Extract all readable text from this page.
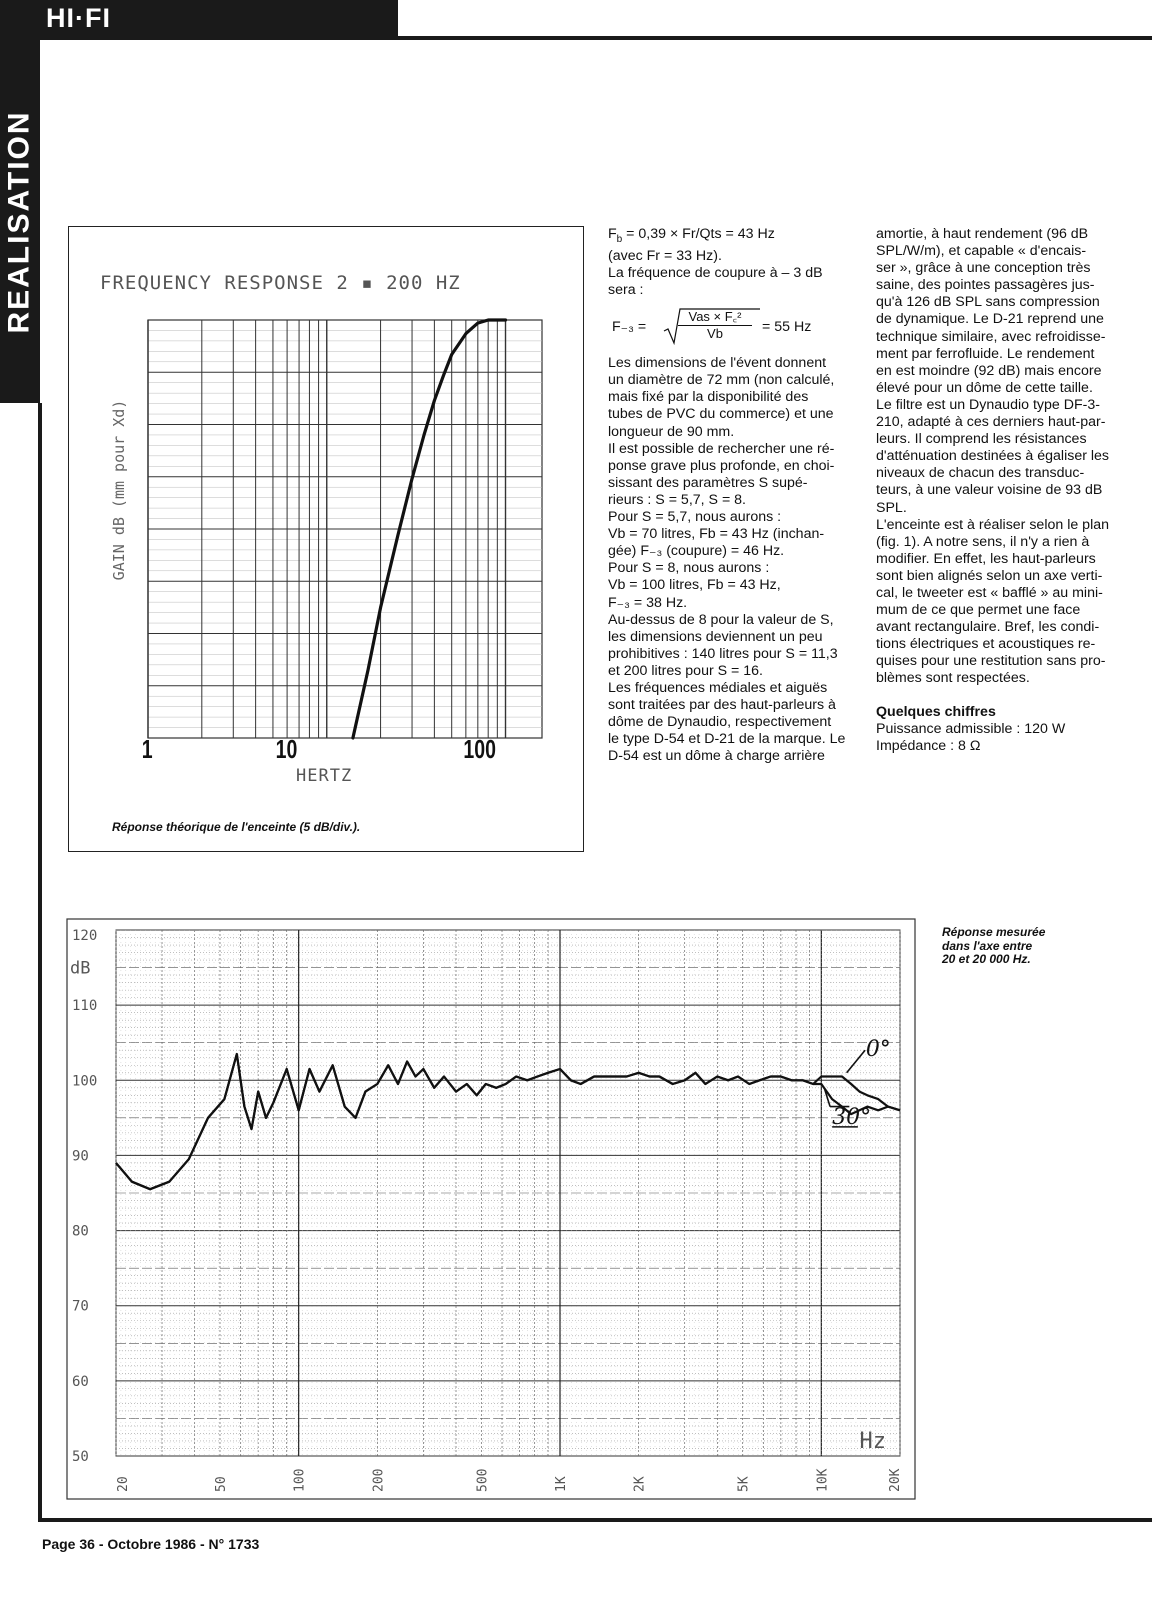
HI·FI
REALISATION
Page 36 - Octobre 1986 - N° 1733
FREQUENCY RESPONSE 2 ▪ 200 HZ
GAIN dB (mm pour Xd)
1	10	100
HERTZ
Réponse théorique de l'enceinte (5 dB/div.).

$F_b = 0,39 \times Fr/Qts = 43$ Hz

(avec Fr = 33 Hz).

La fréquence de coupure à – 3 dB

sera :

F₋₃ =
Vas × F꜀²
Vb	= 55 Hz

Les dimensions de l'évent donnent

un diamètre de 72 mm (non calculé,

mais fixé par la disponibilité des

tubes de PVC du commerce) et une

longueur de 90 mm.

Il est possible de rechercher une ré-

ponse grave plus profonde, en choi-

sissant des paramètres S supé-

rieurs : S = 5,7, S = 8.

Pour S = 5,7, nous aurons :

Vb = 70 litres, Fb = 43 Hz (inchan-

gée) F₋₃ (coupure) = 46 Hz.

Pour S = 8, nous aurons :

Vb = 100 litres, Fb = 43 Hz,

F₋₃ = 38 Hz.

Au-dessus de 8 pour la valeur de S,

les dimensions deviennent un peu

prohibitives : 140 litres pour S = 11,3

et 200 litres pour S = 16.

Les fréquences médiales et aiguës

sont traitées par des haut-parleurs à

dôme de Dynaudio, respectivement

le type D-54 et D-21 de la marque. Le

D-54 est un dôme à charge arrière

amortie, à haut rendement (96 dB

SPL/W/m), et capable « d'encais-

ser », grâce à une conception très

saine, des pointes passagères jus-

qu'à 126 dB SPL sans compression

de dynamique. Le D-21 reprend une

technique similaire, avec refroidisse-

ment par ferrofluide. Le rendement

en est moindre (92 dB) mais encore

élevé pour un dôme de cette taille.

Le filtre est un Dynaudio type DF-3-

210, adapté à ces derniers haut-par-

leurs. Il comprend les résistances

d'atténuation destinées à égaliser les

niveaux de chacun des transduc-

teurs, à une valeur voisine de 93 dB

SPL.

L'enceinte est à réaliser selon le plan

(fig. 1). A notre sens, il n'y a rien à

modifier. En effet, les haut-parleurs

sont bien alignés selon un axe verti-

cal, le tweeter est « bafflé » au mini-

mum de ce que permet une face

avant rectangulaire. Bref, les condi-

tions électriques et acoustiques re-

quises pour une restitution sans pro-

blèmes sont respectées.

Quelques chiffres

Puissance admissible : 120 W

Impédance : 8 Ω

Réponse mesurée
dans l'axe entre
20 et 20 000 Hz.
120
110
100
90
80
70
60
50
dB
20	50	100	200	500	1K	2K	5K	10K	20K
Hz
0°
30°
